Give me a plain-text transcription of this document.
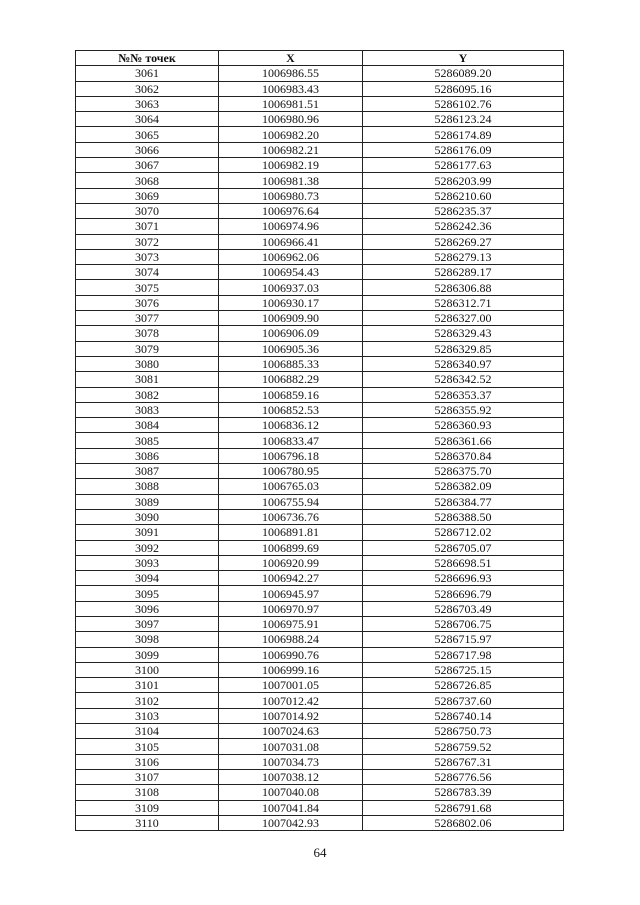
№№ точек	X	Y
3061	1006986.55	5286089.20
3062	1006983.43	5286095.16
3063	1006981.51	5286102.76
3064	1006980.96	5286123.24
3065	1006982.20	5286174.89
3066	1006982.21	5286176.09
3067	1006982.19	5286177.63
3068	1006981.38	5286203.99
3069	1006980.73	5286210.60
3070	1006976.64	5286235.37
3071	1006974.96	5286242.36
3072	1006966.41	5286269.27
3073	1006962.06	5286279.13
3074	1006954.43	5286289.17
3075	1006937.03	5286306.88
3076	1006930.17	5286312.71
3077	1006909.90	5286327.00
3078	1006906.09	5286329.43
3079	1006905.36	5286329.85
3080	1006885.33	5286340.97
3081	1006882.29	5286342.52
3082	1006859.16	5286353.37
3083	1006852.53	5286355.92
3084	1006836.12	5286360.93
3085	1006833.47	5286361.66
3086	1006796.18	5286370.84
3087	1006780.95	5286375.70
3088	1006765.03	5286382.09
3089	1006755.94	5286384.77
3090	1006736.76	5286388.50
3091	1006891.81	5286712.02
3092	1006899.69	5286705.07
3093	1006920.99	5286698.51
3094	1006942.27	5286696.93
3095	1006945.97	5286696.79
3096	1006970.97	5286703.49
3097	1006975.91	5286706.75
3098	1006988.24	5286715.97
3099	1006990.76	5286717.98
3100	1006999.16	5286725.15
3101	1007001.05	5286726.85
3102	1007012.42	5286737.60
3103	1007014.92	5286740.14
3104	1007024.63	5286750.73
3105	1007031.08	5286759.52
3106	1007034.73	5286767.31
3107	1007038.12	5286776.56
3108	1007040.08	5286783.39
3109	1007041.84	5286791.68
3110	1007042.93	5286802.06
64
